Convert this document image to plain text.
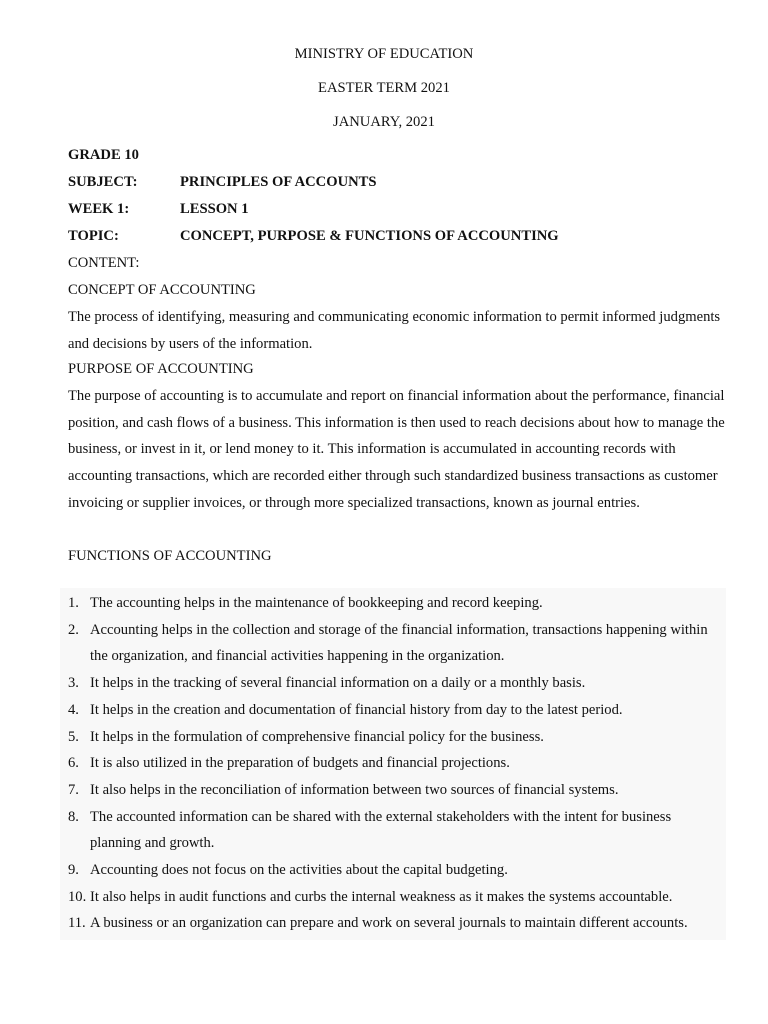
MINISTRY OF EDUCATION
EASTER TERM 2021
JANUARY, 2021
GRADE 10
SUBJECT:	PRINCIPLES OF ACCOUNTS
WEEK 1:	LESSON 1
TOPIC:	CONCEPT, PURPOSE & FUNCTIONS OF ACCOUNTING
CONTENT:
CONCEPT OF ACCOUNTING
The process of identifying, measuring and communicating economic information to permit informed judgments and decisions by users of the information.
PURPOSE OF ACCOUNTING
The purpose of accounting is to accumulate and report on financial information about the performance, financial position, and cash flows of a business. This information is then used to reach decisions about how to manage the business, or invest in it, or lend money to it. This information is accumulated in accounting records with accounting transactions, which are recorded either through such standardized business transactions as customer invoicing or supplier invoices, or through more specialized transactions, known as journal entries.
FUNCTIONS OF ACCOUNTING
1. The accounting helps in the maintenance of bookkeeping and record keeping.
2. Accounting helps in the collection and storage of the financial information, transactions happening within the organization, and financial activities happening in the organization.
3. It helps in the tracking of several financial information on a daily or a monthly basis.
4. It helps in the creation and documentation of financial history from day to the latest period.
5. It helps in the formulation of comprehensive financial policy for the business.
6. It is also utilized in the preparation of budgets and financial projections.
7. It also helps in the reconciliation of information between two sources of financial systems.
8. The accounted information can be shared with the external stakeholders with the intent for business planning and growth.
9. Accounting does not focus on the activities about the capital budgeting.
10. It also helps in audit functions and curbs the internal weakness as it makes the systems accountable.
11. A business or an organization can prepare and work on several journals to maintain different accounts.
